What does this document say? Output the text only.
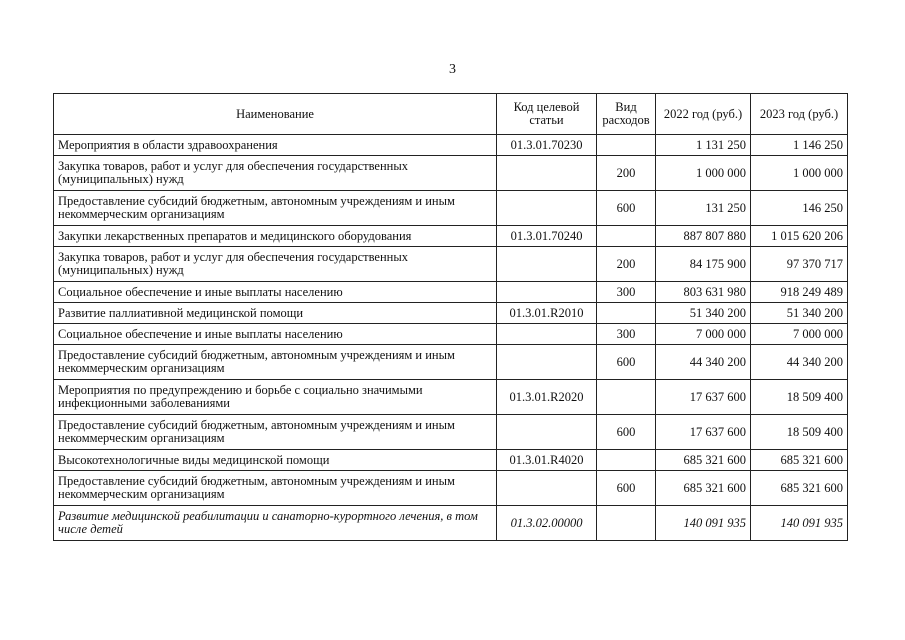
3
Наименование	Код целевой статьи	Вид расходов	2022 год (руб.)	2023 год (руб.)
Мероприятия в области здравоохранения	01.3.01.70230		1 131 250	1 146 250
Закупка товаров, работ и услуг для обеспечения государственных (муниципальных) нужд		200	1 000 000	1 000 000
Предоставление субсидий бюджетным, автономным учреждениям и иным некоммерческим организациям		600	131 250	146 250
Закупки лекарственных препаратов и медицинского оборудования	01.3.01.70240		887 807 880	1 015 620 206
Закупка товаров, работ и услуг для обеспечения государственных (муниципальных) нужд		200	84 175 900	97 370 717
Социальное обеспечение и иные выплаты населению		300	803 631 980	918 249 489
Развитие паллиативной медицинской помощи	01.3.01.R2010		51 340 200	51 340 200
Социальное обеспечение и иные выплаты населению		300	7 000 000	7 000 000
Предоставление субсидий бюджетным, автономным учреждениям и иным некоммерческим организациям		600	44 340 200	44 340 200
Мероприятия по предупреждению и борьбе с социально значимыми инфекционными заболеваниями	01.3.01.R2020		17 637 600	18 509 400
Предоставление субсидий бюджетным, автономным учреждениям и иным некоммерческим организациям		600	17 637 600	18 509 400
Высокотехнологичные виды медицинской помощи	01.3.01.R4020		685 321 600	685 321 600
Предоставление субсидий бюджетным, автономным учреждениям и иным некоммерческим организациям		600	685 321 600	685 321 600
Развитие медицинской реабилитации и санаторно-курортного лечения, в том числе детей	01.3.02.00000		140 091 935	140 091 935
